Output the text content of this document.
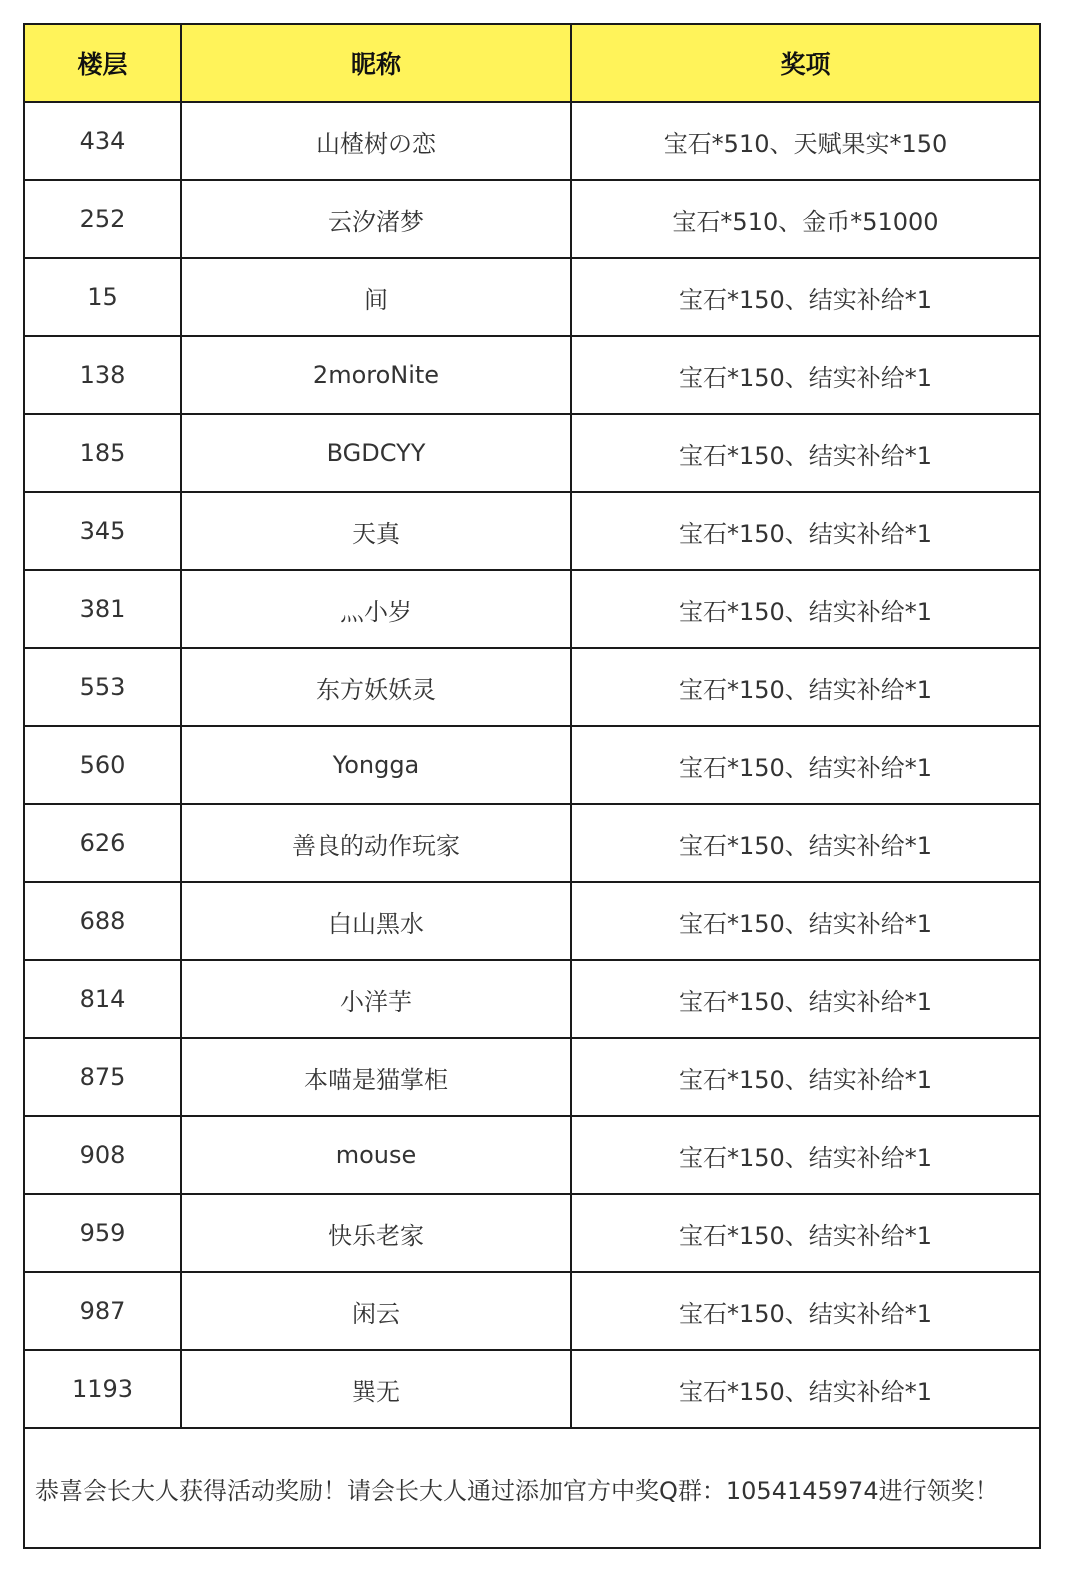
楼层	昵称	奖项
434	山楂树の恋	宝石*510、天赋果实*150
252	云汐渚梦	宝石*510、金币*51000
15	间	宝石*150、结实补给*1
138	2moroNite	宝石*150、结实补给*1
185	BGDCYY	宝石*150、结实补给*1
345	天真	宝石*150、结实补给*1
381	灬小岁	宝石*150、结实补给*1
553	东方妖妖灵	宝石*150、结实补给*1
560	Yongga	宝石*150、结实补给*1
626	善良的动作玩家	宝石*150、结实补给*1
688	白山黑水	宝石*150、结实补给*1
814	小洋芋	宝石*150、结实补给*1
875	本喵是猫掌柜	宝石*150、结实补给*1
908	mouse	宝石*150、结实补给*1
959	快乐老家	宝石*150、结实补给*1
987	闲云	宝石*150、结实补给*1
1193	巽无	宝石*150、结实补给*1
恭喜会长大人获得活动奖励！请会长大人通过添加官方中奖Q群：1054145974进行领奖！		
